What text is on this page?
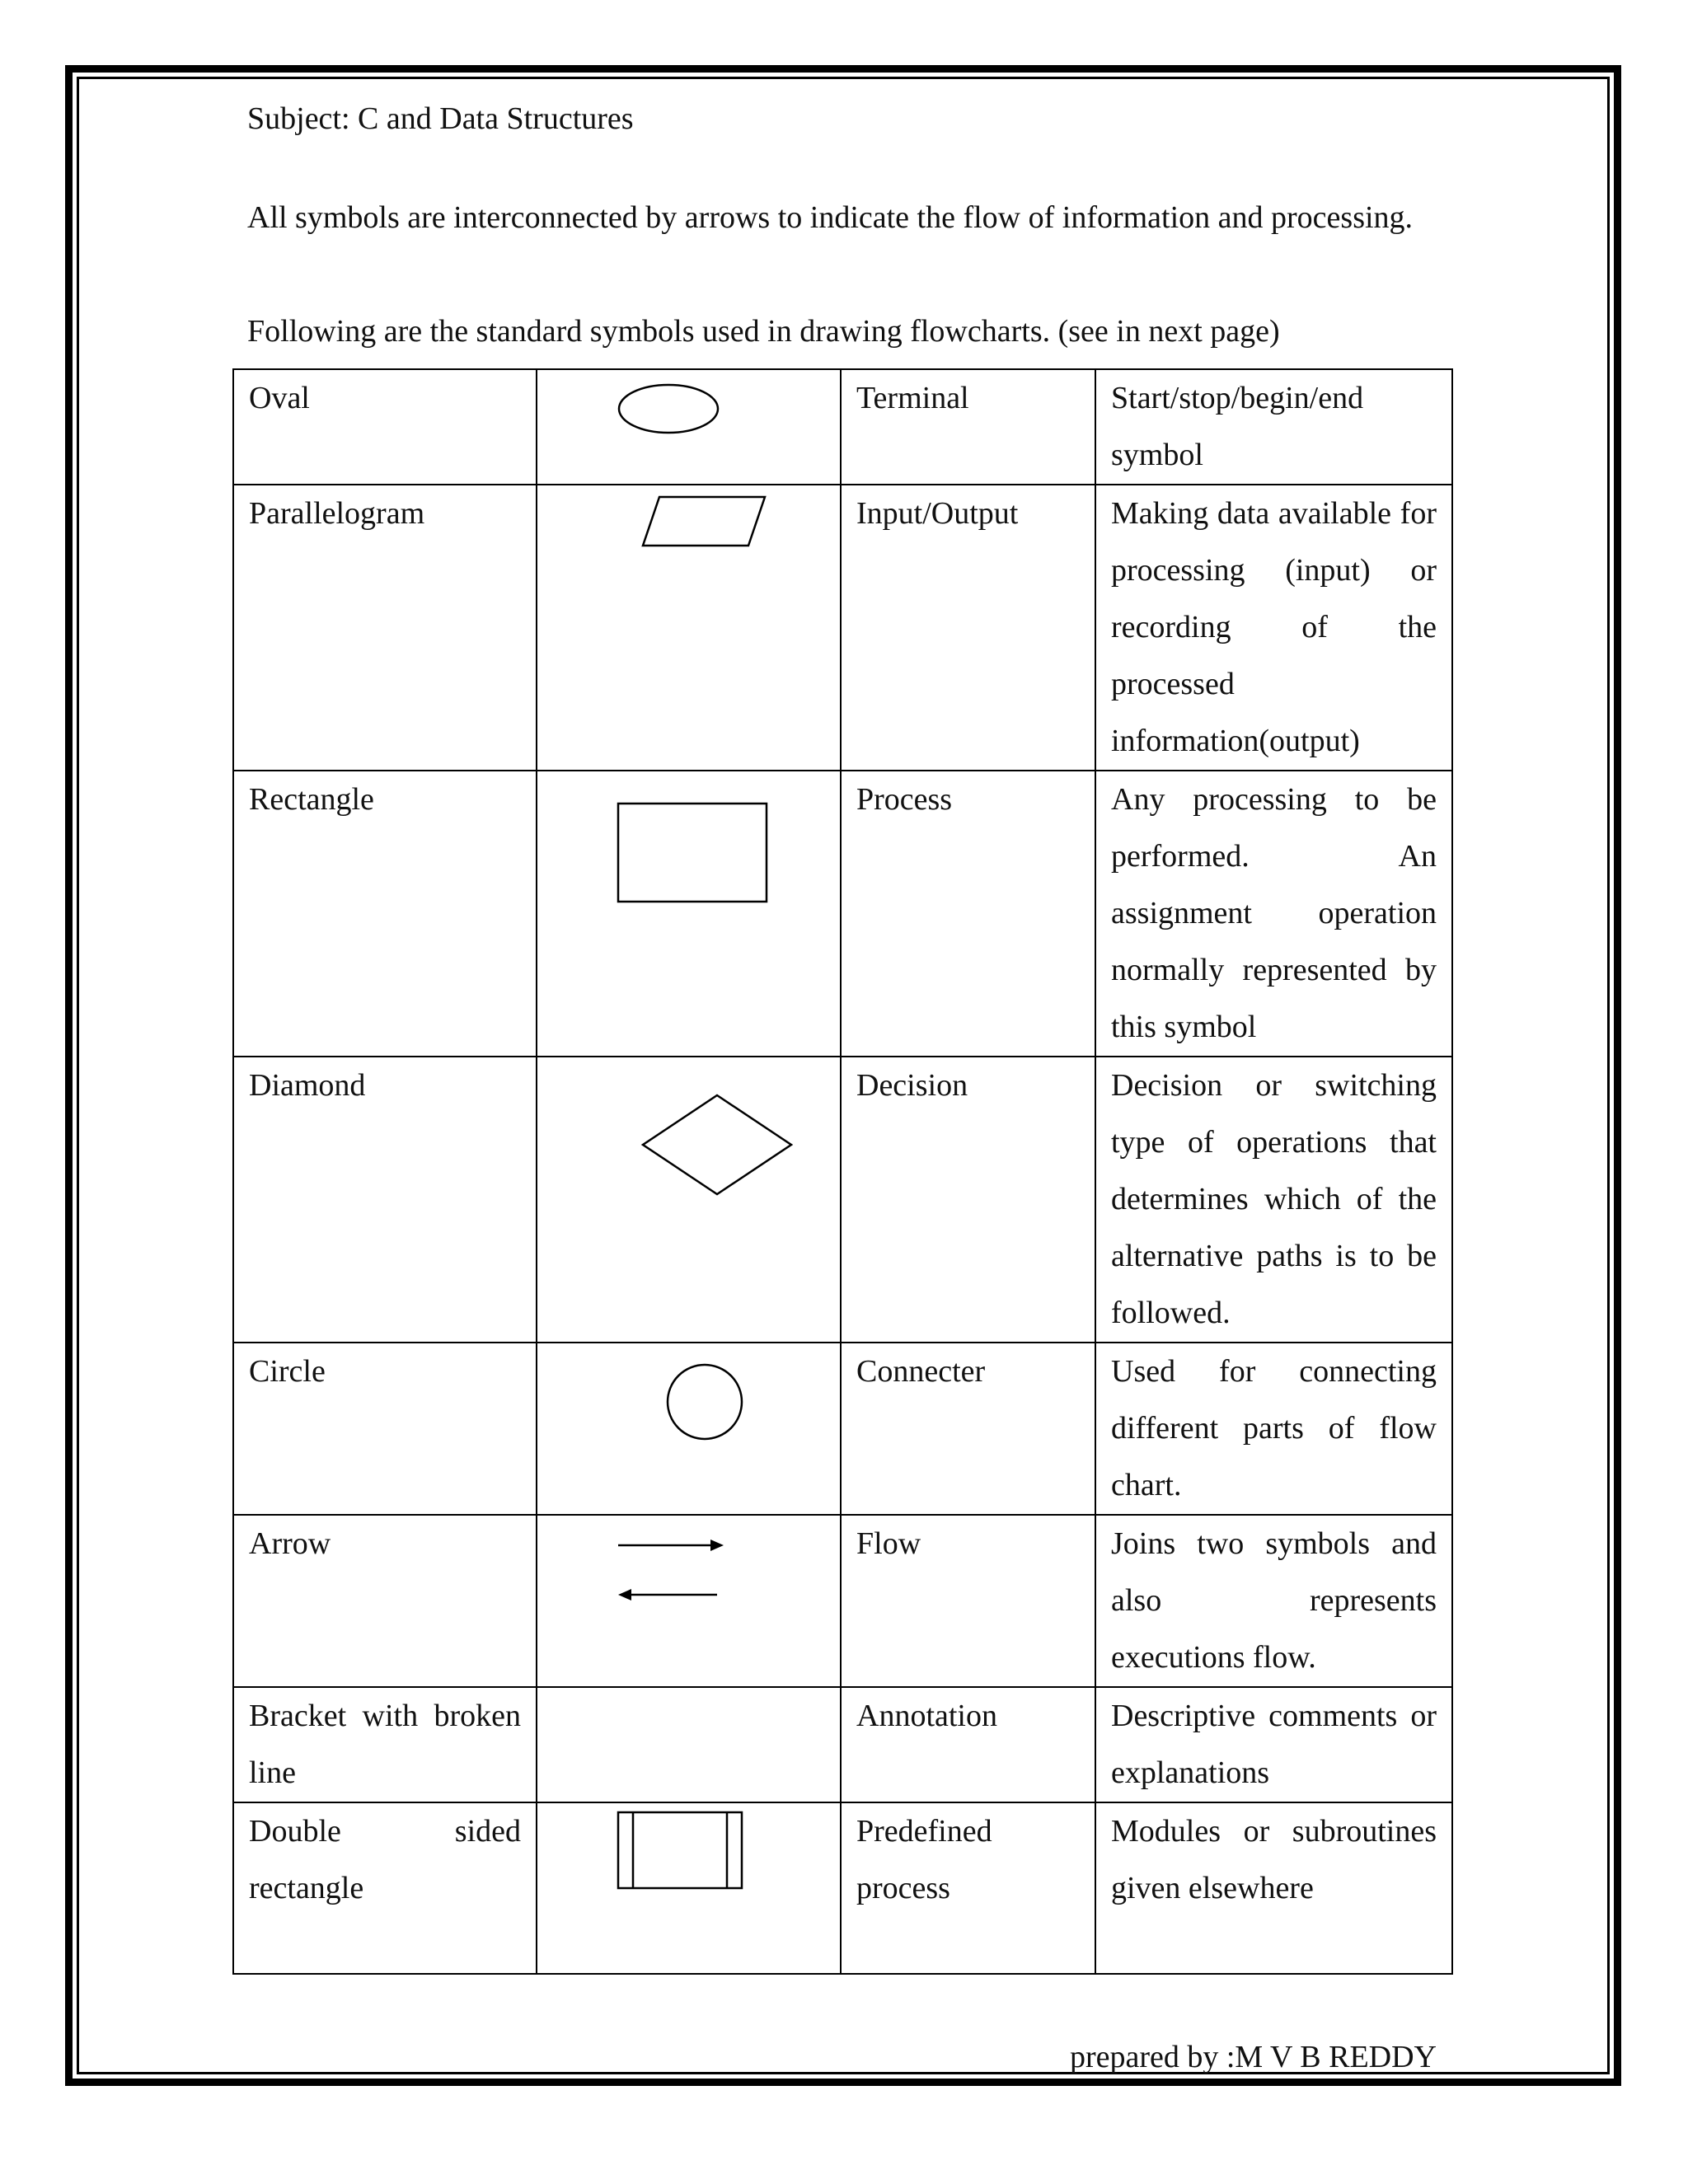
Subject: C and Data Structures
All symbols are interconnected by arrows to indicate the flow of information and processing.
Following are the standard symbols used in drawing flowcharts. (see in next page)
Oval		Terminal	Start/stop/begin/end symbol
Parallelogram		Input/Output	Making data available for processing (input) or recording of the processed information(output)
Rectangle		Process	Any processing to be performed. An assignment operation normally represented by this symbol
Diamond		Decision	Decision or switching type of operations that determines which of the alternative paths is to be followed.
Circle		Connecter	Used for connecting different parts of flow chart.
Arrow		Flow	Joins two symbols and also represents executions flow.
Bracket with broken line		Annotation	Descriptive comments or explanations
Double sided rectangle		Predefined process	Modules or subroutines given elsewhere
prepared by :M V B REDDY
